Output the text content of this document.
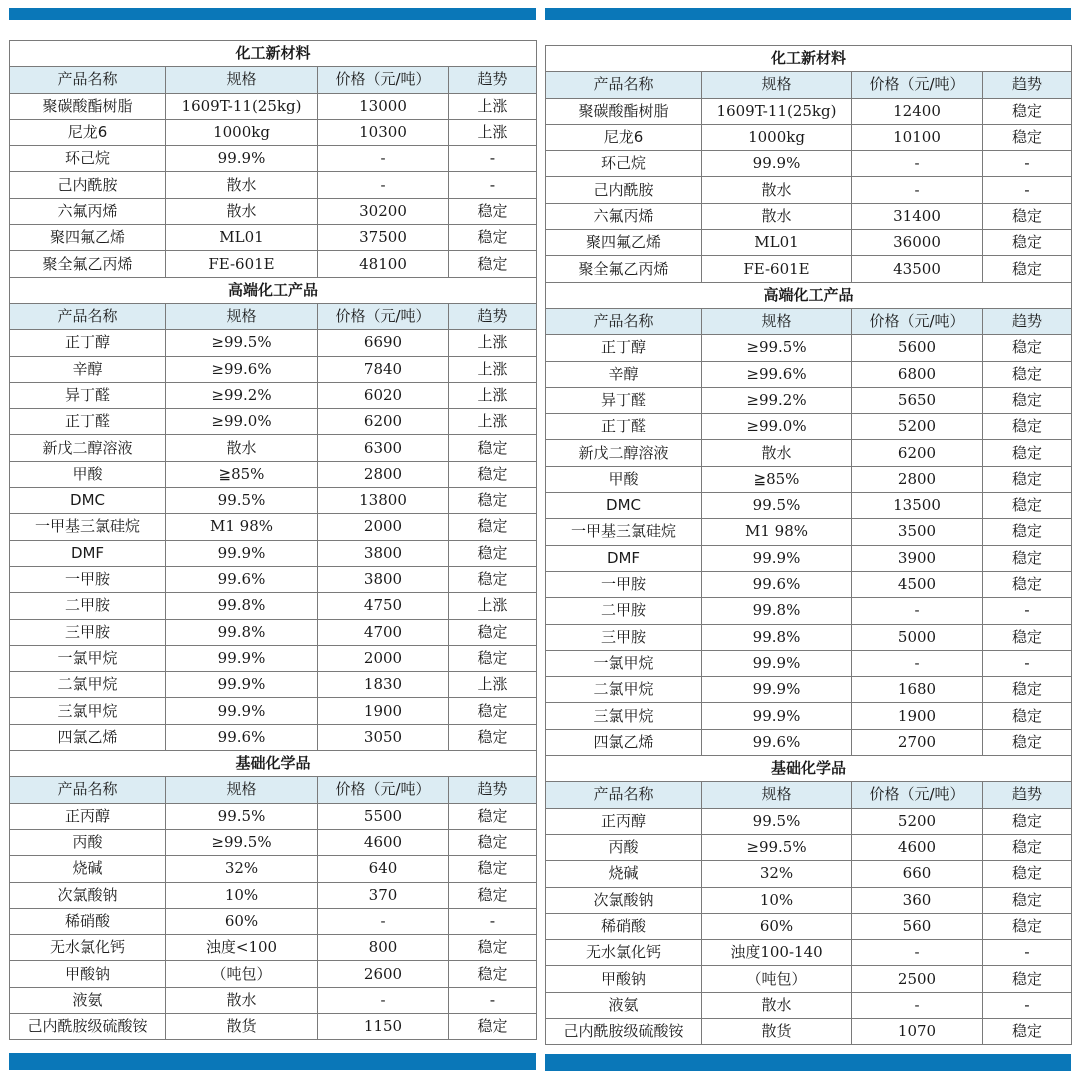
化工新材料			
产品名称	规格	价格（元/吨）	趋势
聚碳酸酯树脂	1609T-11(25kg)	13000	上涨
尼龙6	1000kg	10300	上涨
环己烷	99.9%	-	-
己内酰胺	散水	-	-
六氟丙烯	散水	30200	稳定
聚四氟乙烯	ML01	37500	稳定
聚全氟乙丙烯	FE-601E	48100	稳定
高端化工产品			
产品名称	规格	价格（元/吨）	趋势
正丁醇	≥99.5%	6690	上涨
辛醇	≥99.6%	7840	上涨
异丁醛	≥99.2%	6020	上涨
正丁醛	≥99.0%	6200	上涨
新戊二醇溶液	散水	6300	稳定
甲酸	≧85%	2800	稳定
DMC	99.5%	13800	稳定
一甲基三氯硅烷	M1 98%	2000	稳定
DMF	99.9%	3800	稳定
一甲胺	99.6%	3800	稳定
二甲胺	99.8%	4750	上涨
三甲胺	99.8%	4700	稳定
一氯甲烷	99.9%	2000	稳定
二氯甲烷	99.9%	1830	上涨
三氯甲烷	99.9%	1900	稳定
四氯乙烯	99.6%	3050	稳定
基础化学品			
产品名称	规格	价格（元/吨）	趋势
正丙醇	99.5%	5500	稳定
丙酸	≥99.5%	4600	稳定
烧碱	32%	640	稳定
次氯酸钠	10%	370	稳定
稀硝酸	60%	-	-
无水氯化钙	浊度<100	800	稳定
甲酸钠	（吨包）	2600	稳定
液氨	散水	-	-
己内酰胺级硫酸铵	散货	1150	稳定
化工新材料			
产品名称	规格	价格（元/吨）	趋势
聚碳酸酯树脂	1609T-11(25kg)	12400	稳定
尼龙6	1000kg	10100	稳定
环己烷	99.9%	-	-
己内酰胺	散水	-	-
六氟丙烯	散水	31400	稳定
聚四氟乙烯	ML01	36000	稳定
聚全氟乙丙烯	FE-601E	43500	稳定
高端化工产品			
产品名称	规格	价格（元/吨）	趋势
正丁醇	≥99.5%	5600	稳定
辛醇	≥99.6%	6800	稳定
异丁醛	≥99.2%	5650	稳定
正丁醛	≥99.0%	5200	稳定
新戊二醇溶液	散水	6200	稳定
甲酸	≧85%	2800	稳定
DMC	99.5%	13500	稳定
一甲基三氯硅烷	M1 98%	3500	稳定
DMF	99.9%	3900	稳定
一甲胺	99.6%	4500	稳定
二甲胺	99.8%	-	-
三甲胺	99.8%	5000	稳定
一氯甲烷	99.9%	-	-
二氯甲烷	99.9%	1680	稳定
三氯甲烷	99.9%	1900	稳定
四氯乙烯	99.6%	2700	稳定
基础化学品			
产品名称	规格	价格（元/吨）	趋势
正丙醇	99.5%	5200	稳定
丙酸	≥99.5%	4600	稳定
烧碱	32%	660	稳定
次氯酸钠	10%	360	稳定
稀硝酸	60%	560	稳定
无水氯化钙	浊度100-140	-	-
甲酸钠	（吨包）	2500	稳定
液氨	散水	-	-
己内酰胺级硫酸铵	散货	1070	稳定
